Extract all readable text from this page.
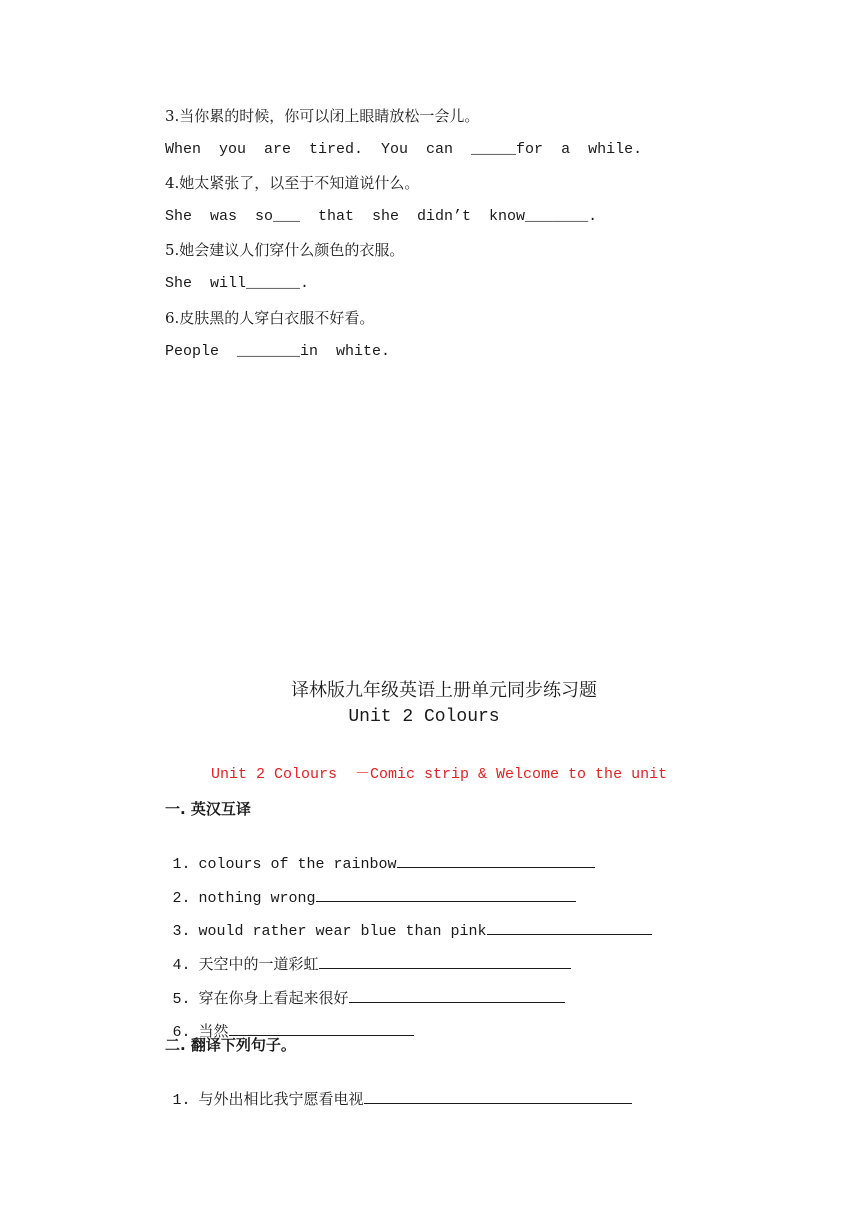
3.当你累的时候，你可以闭上眼睛放松一会儿。
When  you  are  tired.  You  can  _____for  a  while.
4.她太紧张了，以至于不知道说什么。
She  was  so___  that  she  didn’t  know_______.
5.她会建议人们穿什么颜色的衣服。
She  will______.
6.皮肤黑的人穿白衣服不好看。
People  _______in  white.
译林版九年级英语上册单元同步练习题
Unit 2 Colours
Unit 2 Colours  －Comic strip & Welcome to the unit
一. 英汉互译

1. colours of the rainbow

2. nothing wrong

3. would rather wear blue than pink

4. 天空中的一道彩虹

5. 穿在你身上看起来很好

6. 当然

二. 翻译下列句子。

1. 与外出相比我宁愿看电视
